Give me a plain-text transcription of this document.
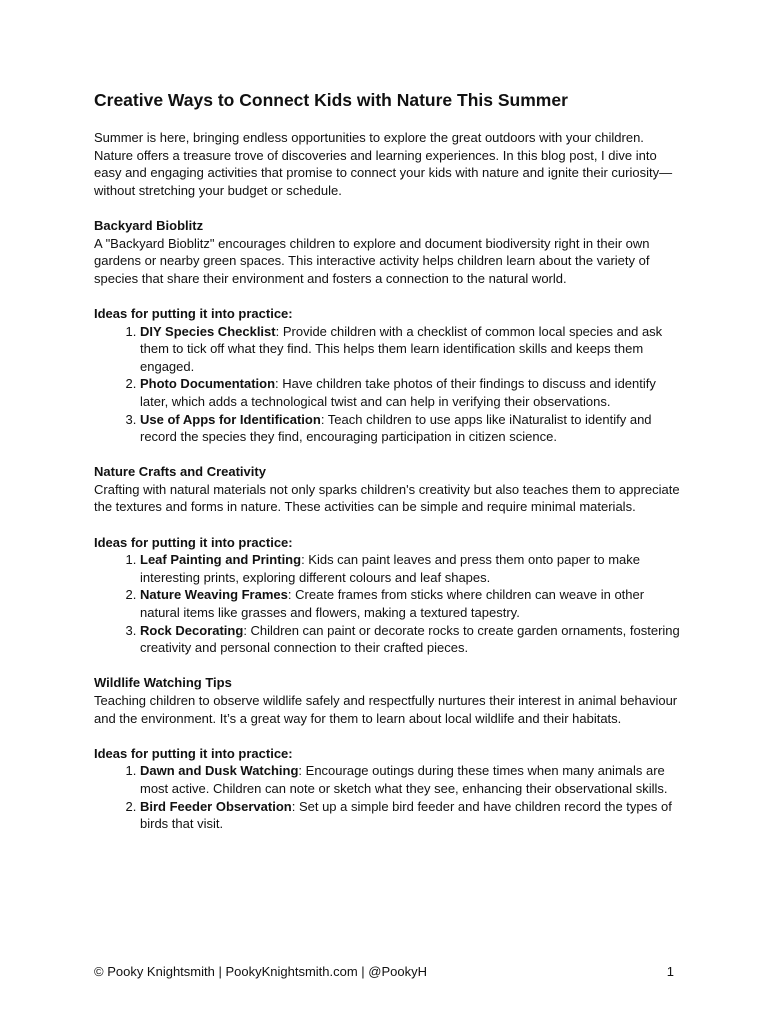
Creative Ways to Connect Kids with Nature This Summer

Summer is here, bringing endless opportunities to explore the great outdoors with your children. Nature offers a treasure trove of discoveries and learning experiences. In this blog post, I dive into easy and engaging activities that promise to connect your kids with nature and ignite their curiosity—without stretching your budget or schedule.

Backyard Bioblitz

A "Backyard Bioblitz" encourages children to explore and document biodiversity right in their own gardens or nearby green spaces. This interactive activity helps children learn about the variety of species that share their environment and fosters a connection to the natural world.

Ideas for putting it into practice:
1. DIY Species Checklist: Provide children with a checklist of common local species and ask them to tick off what they find. This helps them learn identification skills and keeps them engaged.
2. Photo Documentation: Have children take photos of their findings to discuss and identify later, which adds a technological twist and can help in verifying their observations.
3. Use of Apps for Identification: Teach children to use apps like iNaturalist to identify and record the species they find, encouraging participation in citizen science.
Nature Crafts and Creativity

Crafting with natural materials not only sparks children's creativity but also teaches them to appreciate the textures and forms in nature. These activities can be simple and require minimal materials.

Ideas for putting it into practice:
1. Leaf Painting and Printing: Kids can paint leaves and press them onto paper to make interesting prints, exploring different colours and leaf shapes.
2. Nature Weaving Frames: Create frames from sticks where children can weave in other natural items like grasses and flowers, making a textured tapestry.
3. Rock Decorating: Children can paint or decorate rocks to create garden ornaments, fostering creativity and personal connection to their crafted pieces.
Wildlife Watching Tips

Teaching children to observe wildlife safely and respectfully nurtures their interest in animal behaviour and the environment. It’s a great way for them to learn about local wildlife and their habitats.

Ideas for putting it into practice:
1. Dawn and Dusk Watching: Encourage outings during these times when many animals are most active. Children can note or sketch what they see, enhancing their observational skills.
2. Bird Feeder Observation: Set up a simple bird feeder and have children record the types of birds that visit.
© Pooky Knightsmith | PookyKnightsmith.com | @PookyH	1
